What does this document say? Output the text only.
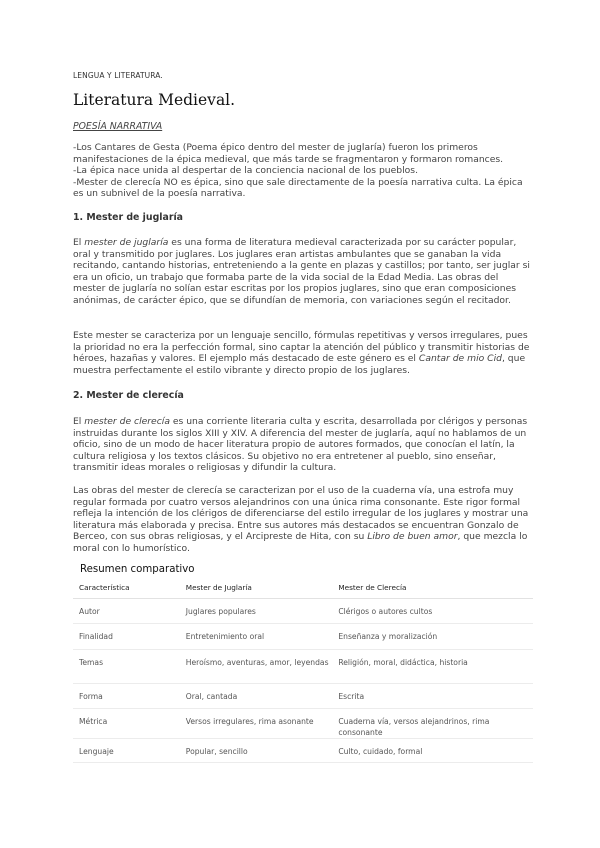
LENGUA Y LITERATURA.
Literatura Medieval.
POESÍA NARRATIVA

-Los Cantares de Gesta (Poema épico dentro del mester de juglaría) fueron los primeros manifestaciones de la épica medieval, que más tarde se fragmentaron y formaron romances.

-La épica nace unida al despertar de la conciencia nacional de los pueblos.

-Mester de clerecía NO es épica, sino que sale directamente de la poesía narrativa culta. La épica es un subnivel de la poesía narrativa.

1. Mester de juglaría

El mester de juglaría es una forma de literatura medieval caracterizada por su carácter popular, oral y transmitido por juglares. Los juglares eran artistas ambulantes que se ganaban la vida recitando, cantando historias, entreteniendo a la gente en plazas y castillos; por tanto, ser juglar si era un oficio, un trabajo que formaba parte de la vida social de la Edad Media. Las obras del mester de juglaría no solían estar escritas por los propios juglares, sino que eran composiciones anónimas, de carácter épico, que se difundían de memoria, con variaciones según el recitador.

Este mester se caracteriza por un lenguaje sencillo, fórmulas repetitivas y versos irregulares, pues la prioridad no era la perfección formal, sino captar la atención del público y transmitir historias de héroes, hazañas y valores. El ejemplo más destacado de este género es el Cantar de mio Cid, que muestra perfectamente el estilo vibrante y directo propio de los juglares.

2. Mester de clerecía

El mester de clerecía es una corriente literaria culta y escrita, desarrollada por clérigos y personas instruidas durante los siglos XIII y XIV. A diferencia del mester de juglaría, aquí no hablamos de un oficio, sino de un modo de hacer literatura propio de autores formados, que conocían el latín, la cultura religiosa y los textos clásicos. Su objetivo no era entretener al pueblo, sino enseñar, transmitir ideas morales o religiosas y difundir la cultura.

Las obras del mester de clerecía se caracterizan por el uso de la cuaderna vía, una estrofa muy regular formada por cuatro versos alejandrinos con una única rima consonante. Este rigor formal refleja la intención de los clérigos de diferenciarse del estilo irregular de los juglares y mostrar una literatura más elaborada y precisa. Entre sus autores más destacados se encuentran Gonzalo de Berceo, con sus obras religiosas, y el Arcipreste de Hita, con su Libro de buen amor, que mezcla lo moral con lo humorístico.

Resumen comparativo
Característica	Mester de Juglaría	Mester de Clerecía

Autor	Juglares populares	Clérigos o autores cultos

Finalidad	Entretenimiento oral	Enseñanza y moralización

Temas	Heroísmo, aventuras, amor, leyendas	Religión, moral, didáctica, historia

Forma	Oral, cantada	Escrita

Métrica	Versos irregulares, rima asonante	Cuaderna vía, versos alejandrinos, rima consonante

Lenguaje	Popular, sencillo	Culto, cuidado, formal
